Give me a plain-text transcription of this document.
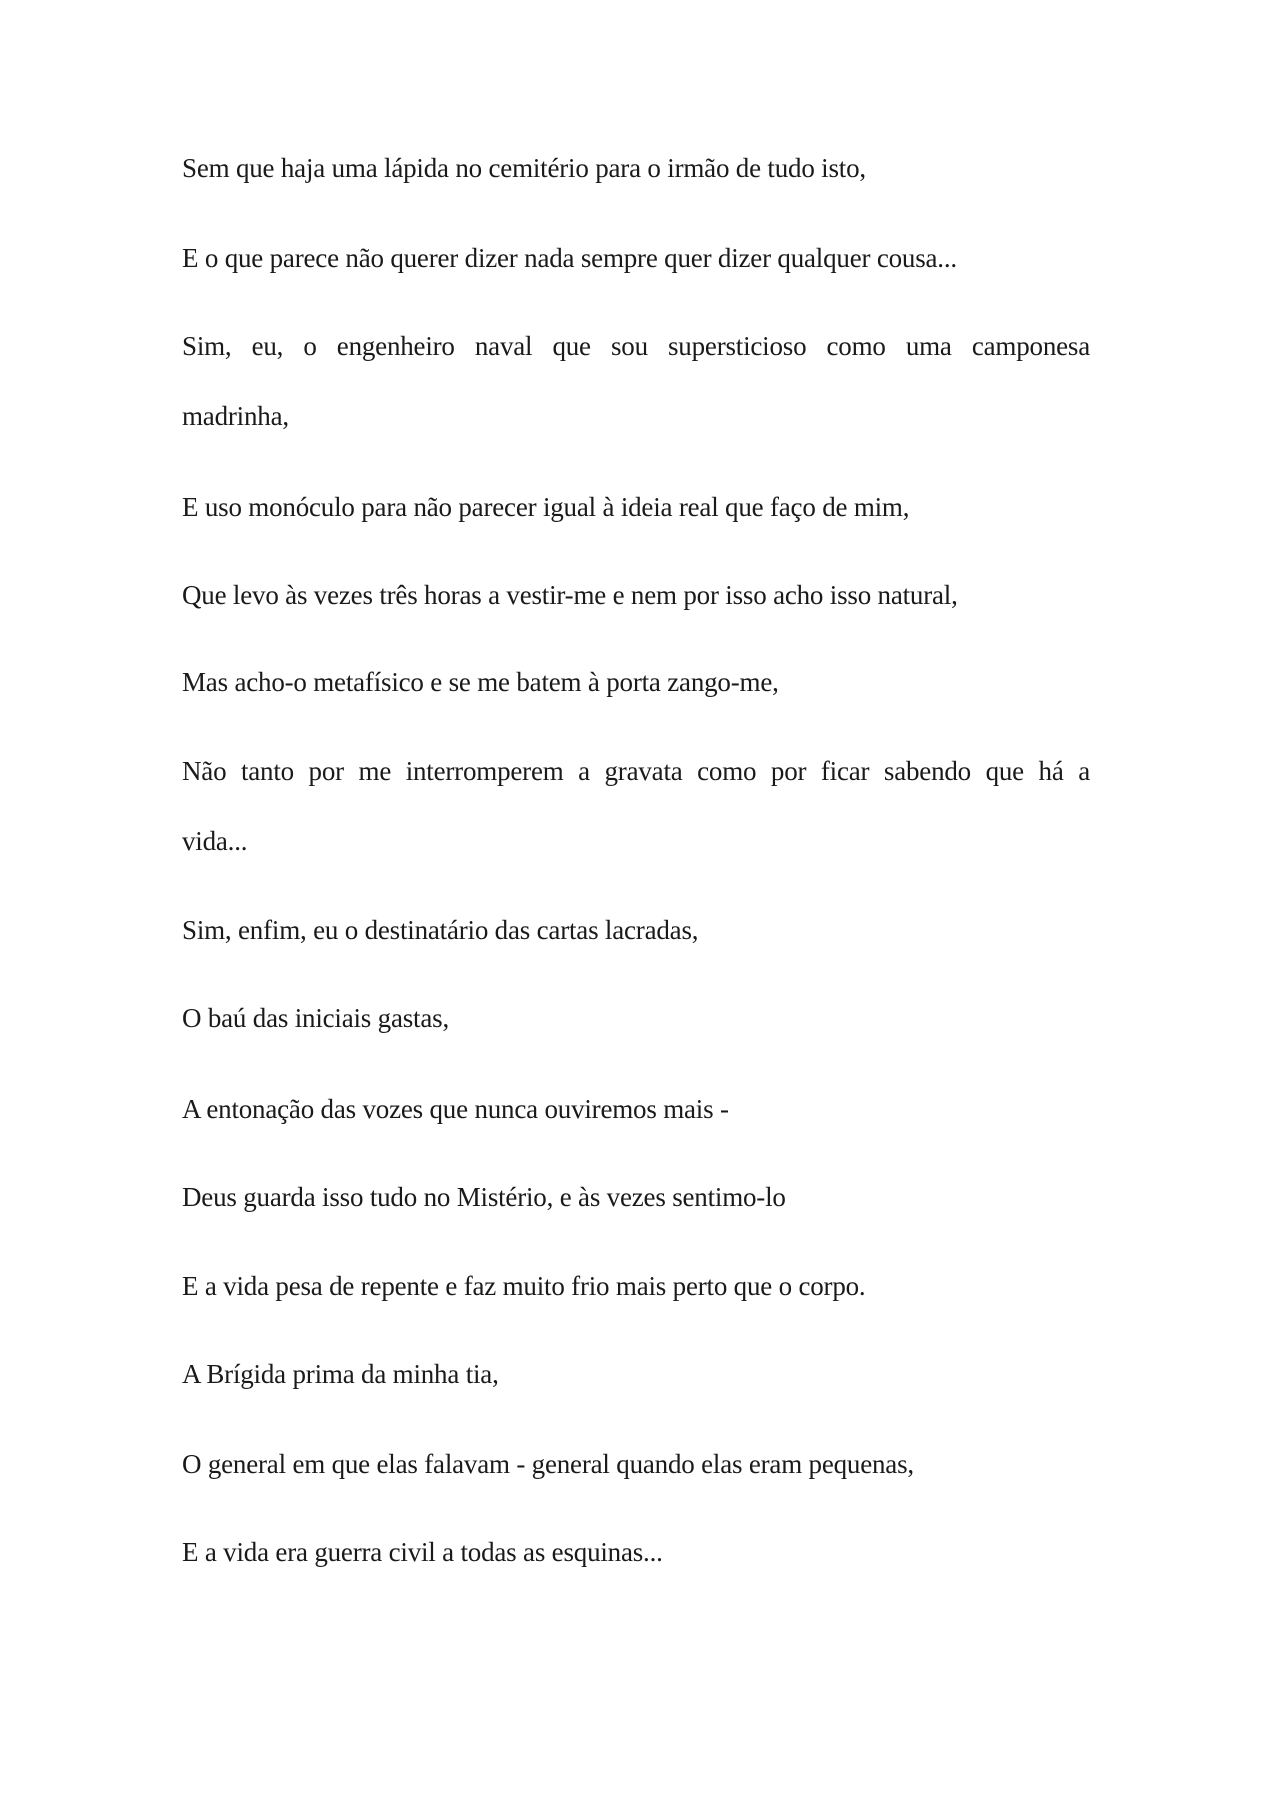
Sem que haja uma lápida no cemitério para o irmão de tudo isto,
E o que parece não querer dizer nada sempre quer dizer qualquer cousa...
Sim, eu, o engenheiro naval que sou supersticioso como uma camponesa
madrinha,
E uso monóculo para não parecer igual à ideia real que faço de mim,
Que levo às vezes três horas a vestir-me e nem por isso acho isso natural,
Mas acho-o metafísico e se me batem à porta zango-me,
Não tanto por me interromperem a gravata como por ficar sabendo que há a
vida...
Sim, enfim, eu o destinatário das cartas lacradas,
O baú das iniciais gastas,
A entonação das vozes que nunca ouviremos mais -
Deus guarda isso tudo no Mistério, e às vezes sentimo-lo
E a vida pesa de repente e faz muito frio mais perto que o corpo.
A Brígida prima da minha tia,
O general em que elas falavam - general quando elas eram pequenas,
E a vida era guerra civil a todas as esquinas...
